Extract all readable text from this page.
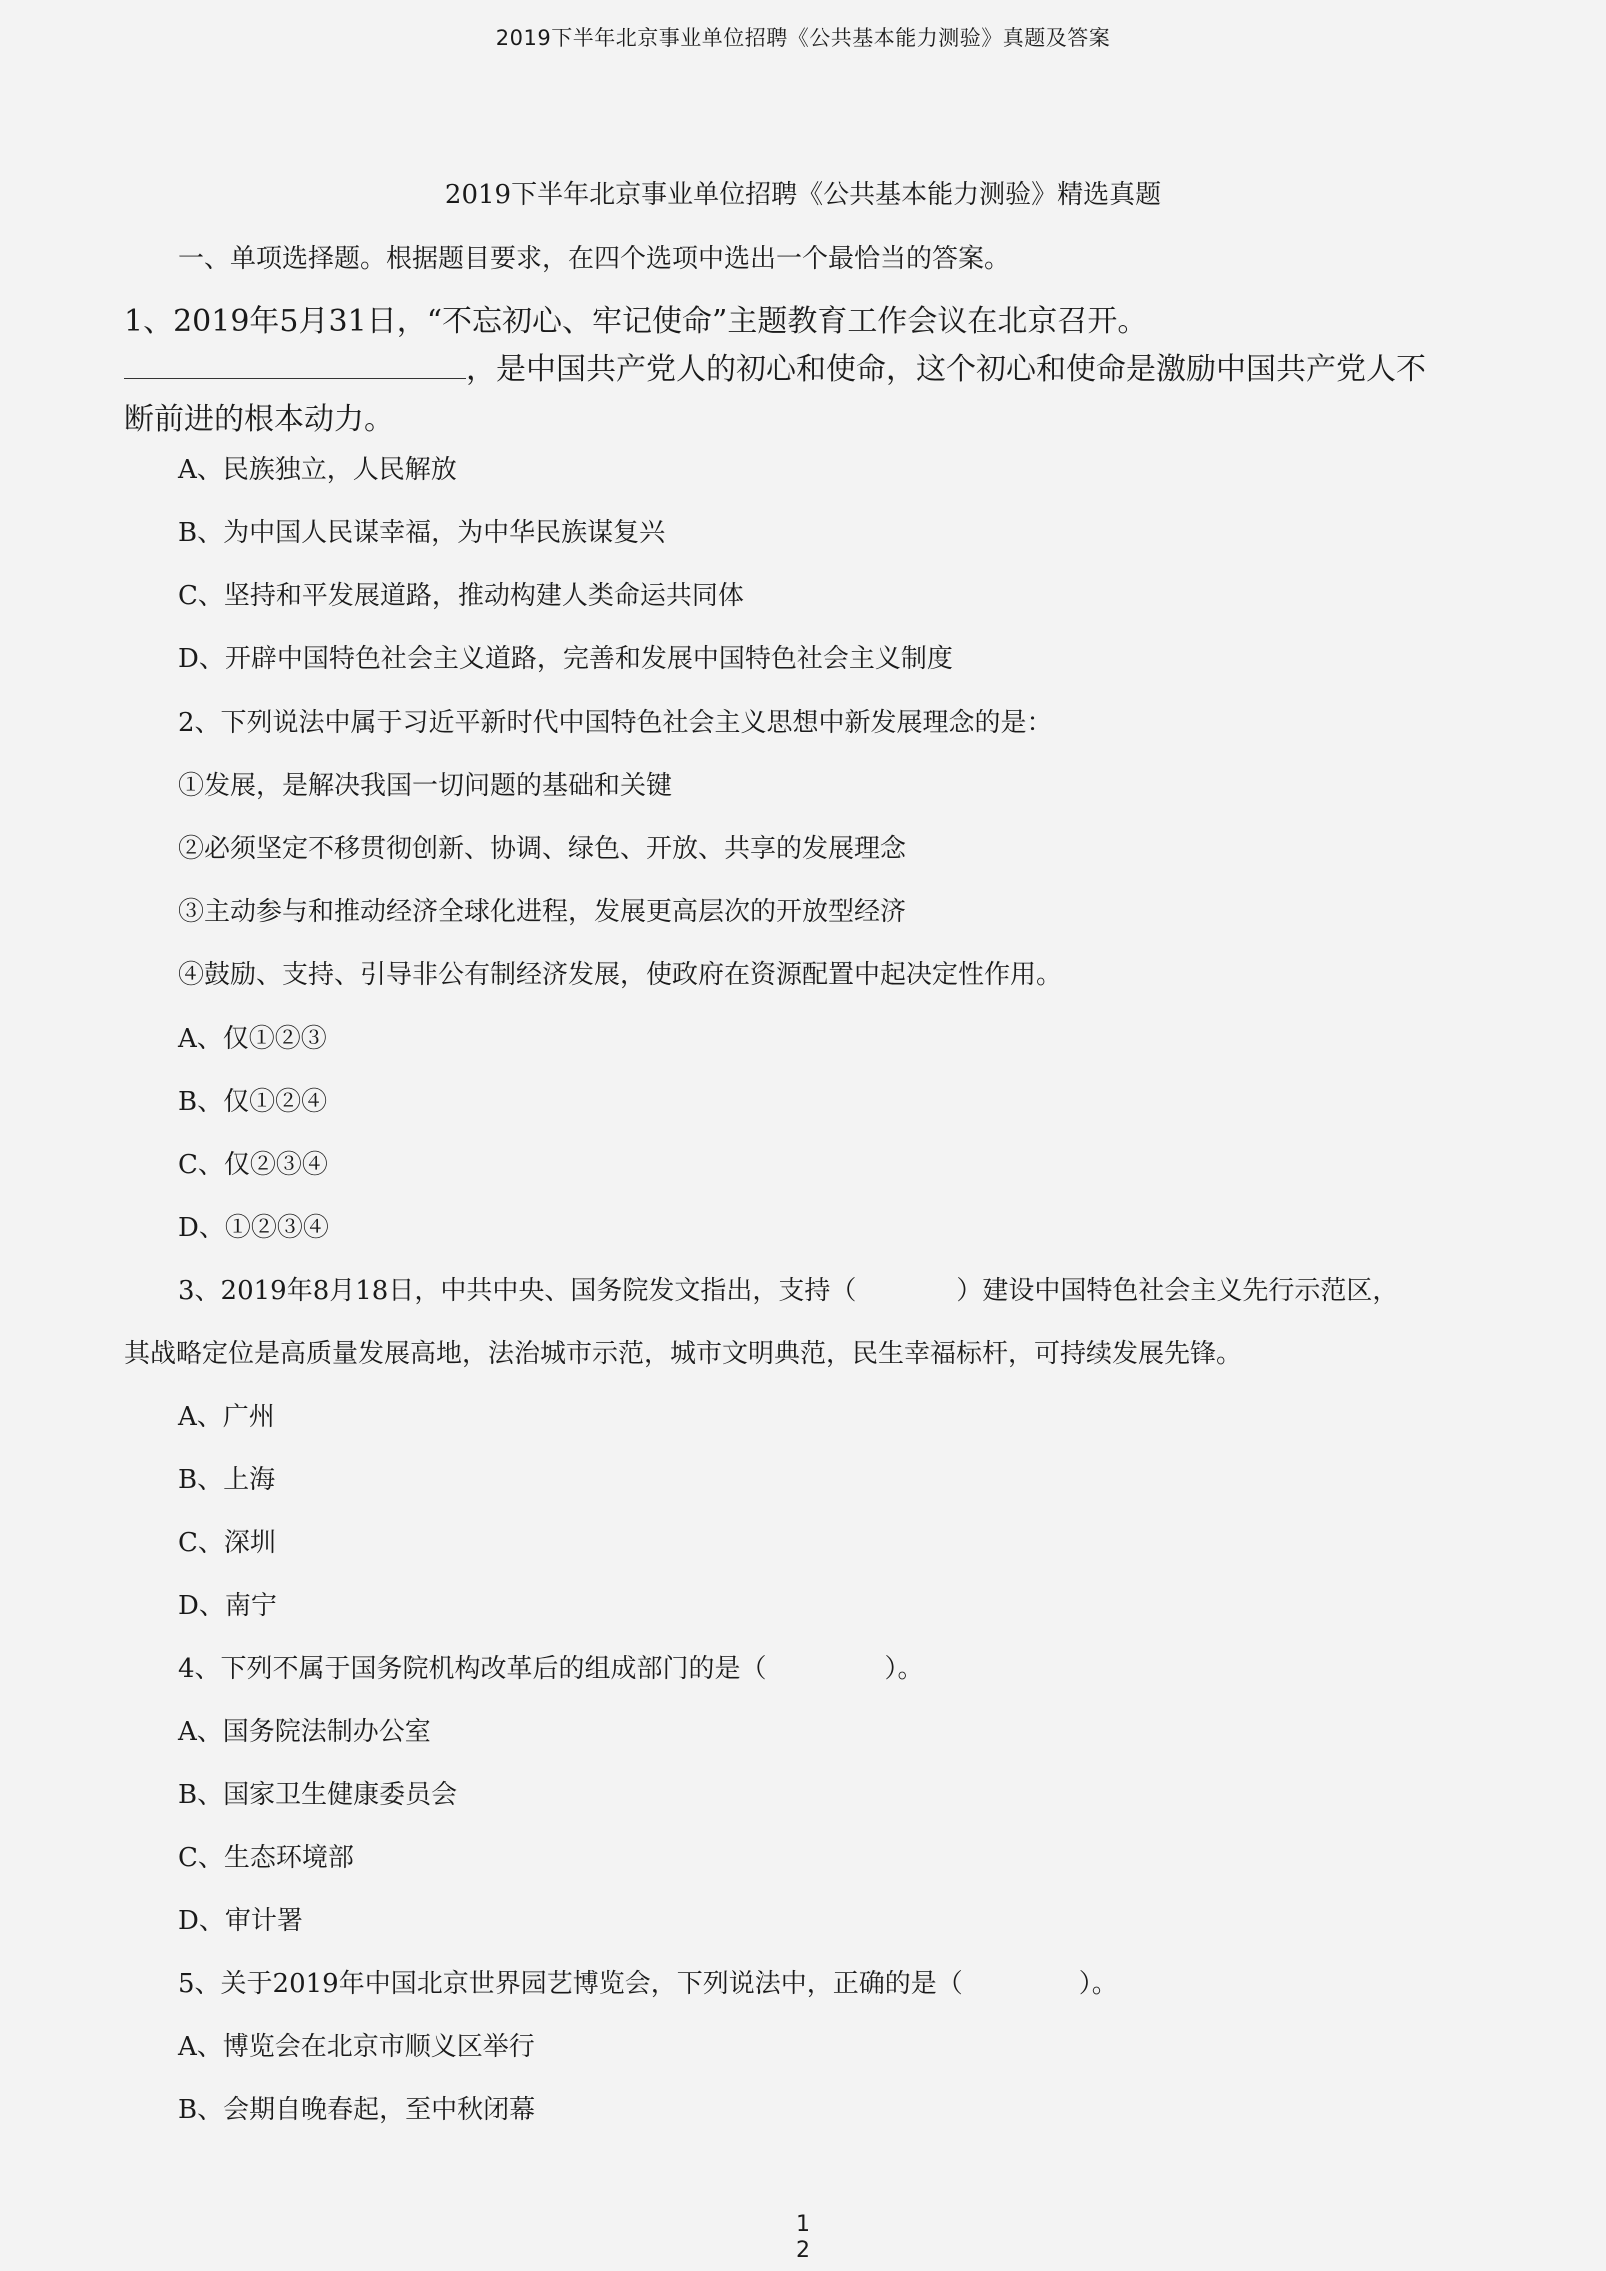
2019下半年北京事业单位招聘《公共基本能力测验》真题及答案
2019下半年北京事业单位招聘《公共基本能力测验》精选真题
一、单项选择题。根据题目要求，在四个选项中选出一个最恰当的答案。
1、2019年5月31日，“不忘初心、牢记使命”主题教育工作会议在北京召开。
，是中国共产党人的初心和使命，这个初心和使命是激励中国共产党人不
断前进的根本动力。
A、民族独立，人民解放
B、为中国人民谋幸福，为中华民族谋复兴
C、坚持和平发展道路，推动构建人类命运共同体
D、开辟中国特色社会主义道路，完善和发展中国特色社会主义制度
2、下列说法中属于习近平新时代中国特色社会主义思想中新发展理念的是：
①发展，是解决我国一切问题的基础和关键
②必须坚定不移贯彻创新、协调、绿色、开放、共享的发展理念
③主动参与和推动经济全球化进程，发展更高层次的开放型经济
④鼓励、支持、引导非公有制经济发展，使政府在资源配置中起决定性作用。
A、仅①②③
B、仅①②④
C、仅②③④
D、①②③④
3、2019年8月18日，中共中央、国务院发文指出，支持（	）建设中国特色社会主义先行示范区，
其战略定位是高质量发展高地，法治城市示范，城市文明典范，民生幸福标杆，可持续发展先锋。
A、广州
B、上海
C、深圳
D、南宁
4、下列不属于国务院机构改革后的组成部门的是（	）。
A、国务院法制办公室
B、国家卫生健康委员会
C、生态环境部
D、审计署
5、关于2019年中国北京世界园艺博览会，下列说法中，正确的是（	）。
A、博览会在北京市顺义区举行
B、会期自晚春起，至中秋闭幕
1
2
